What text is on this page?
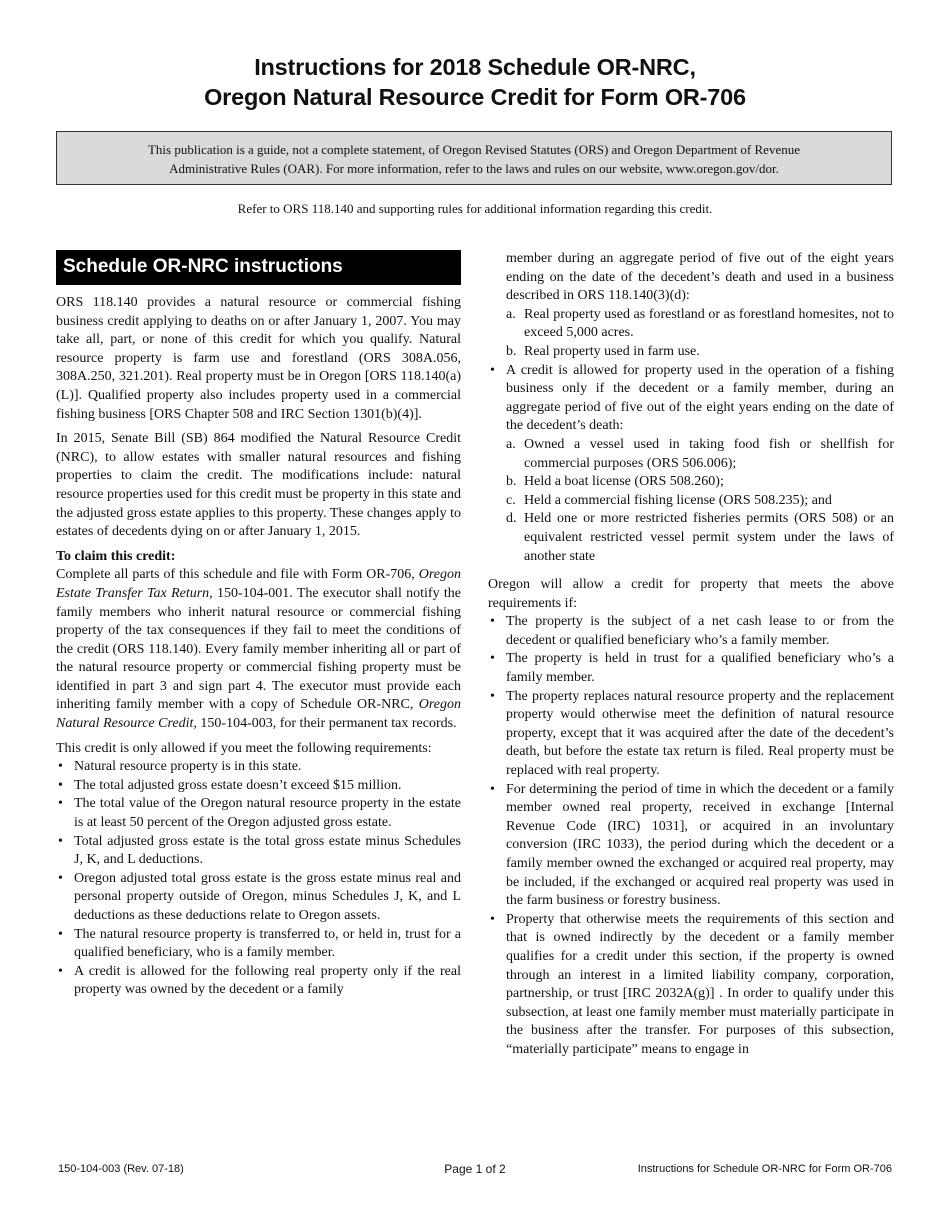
Instructions for 2018 Schedule OR-NRC,
Oregon Natural Resource Credit for Form OR-706
This publication is a guide, not a complete statement, of Oregon Revised Statutes (ORS) and Oregon Department of Revenue
Administrative Rules (OAR). For more information, refer to the laws and rules on our website, www.oregon.gov/dor.
Refer to ORS 118.140 and supporting rules for additional information regarding this credit.
Schedule OR-NRC instructions

ORS 118.140 provides a natural resource or commercial fishing business credit applying to deaths on or after January 1, 2007. You may take all, part, or none of this credit for which you qualify. Natural resource property is farm use and forestland (ORS 308A.056, 308A.250, 321.201). Real property must be in Oregon [ORS 118.140(a)(L)]. Qualified property also includes property used in a commercial fishing business [ORS Chapter 508 and IRC Section 1301(b)(4)].

In 2015, Senate Bill (SB) 864 modified the Natural Resource Credit (NRC), to allow estates with smaller natural resources and fishing properties to claim the credit. The modifications include: natural resource properties used for this credit must be property in this state and the adjusted gross estate applies to this property. These changes apply to estates of decedents dying on or after January 1, 2015.

To claim this credit:

Complete all parts of this schedule and file with Form OR-706, Oregon Estate Transfer Tax Return, 150-104-001. The executor shall notify the family members who inherit natural resource or commercial fishing property of the tax consequences if they fail to meet the conditions of the credit (ORS 118.140). Every family member inheriting all or part of the natural resource property or commercial fishing property must be identified in part 3 and sign part 4. The executor must provide each inheriting family member with a copy of Schedule OR-NRC, Oregon Natural Resource Credit, 150-104-003, for their permanent tax records.

This credit is only allowed if you meet the following requirements:

• Natural resource property is in this state.
• The total adjusted gross estate doesn’t exceed $15 million.
• The total value of the Oregon natural resource property in the estate is at least 50 percent of the Oregon adjusted gross estate.
• Total adjusted gross estate is the total gross estate minus Schedules J, K, and L deductions.
• Oregon adjusted total gross estate is the gross estate minus real and personal property outside of Oregon, minus Schedules J, K, and L deductions as these deductions relate to Oregon assets.
• The natural resource property is transferred to, or held in, trust for a qualified beneficiary, who is a family member.
• A credit is allowed for the following real property only if the real property was owned by the decedent or a family
member during an aggregate period of five out of the eight years ending on the date of the decedent’s death and used in a business described in ORS 118.140(3)(d):
a. Real property used as forestland or as forestland homesites, not to exceed 5,000 acres.
b. Real property used in farm use.
• A credit is allowed for property used in the operation of a fishing business only if the decedent or a family member, during an aggregate period of five out of the eight years ending on the date of the decedent’s death:
a. Owned a vessel used in taking food fish or shellfish for commercial purposes (ORS 506.006);
b. Held a boat license (ORS 508.260);
c. Held a commercial fishing license (ORS 508.235); and
d. Held one or more restricted fisheries permits (ORS 508) or an equivalent restricted vessel permit system under the laws of another state

Oregon will allow a credit for property that meets the above requirements if:

• The property is the subject of a net cash lease to or from the decedent or qualified beneficiary who’s a family member.
• The property is held in trust for a qualified beneficiary who’s a family member.
• The property replaces natural resource property and the replacement property would otherwise meet the definition of natural resource property, except that it was acquired after the date of the decedent’s death, but before the estate tax return is filed. Real property must be replaced with real property.
• For determining the period of time in which the decedent or a family member owned real property, received in exchange [Internal Revenue Code (IRC) 1031], or acquired in an involuntary conversion (IRC 1033), the period during which the decedent or a family member owned the exchanged or acquired real property, may be included, if the exchanged or acquired real property was used in the farm business or forestry business.
• Property that otherwise meets the requirements of this section and that is owned indirectly by the decedent or a family member qualifies for a credit under this section, if the property is owned through an interest in a limited liability company, corporation, partnership, or trust [IRC 2032A(g)] . In order to qualify under this subsection, at least one family member must materially participate in the business after the transfer. For purposes of this subsection, “materially participate” means to engage in
150-104-003 (Rev. 07-18)	Page 1 of 2	Instructions for Schedule OR-NRC for Form OR-706
